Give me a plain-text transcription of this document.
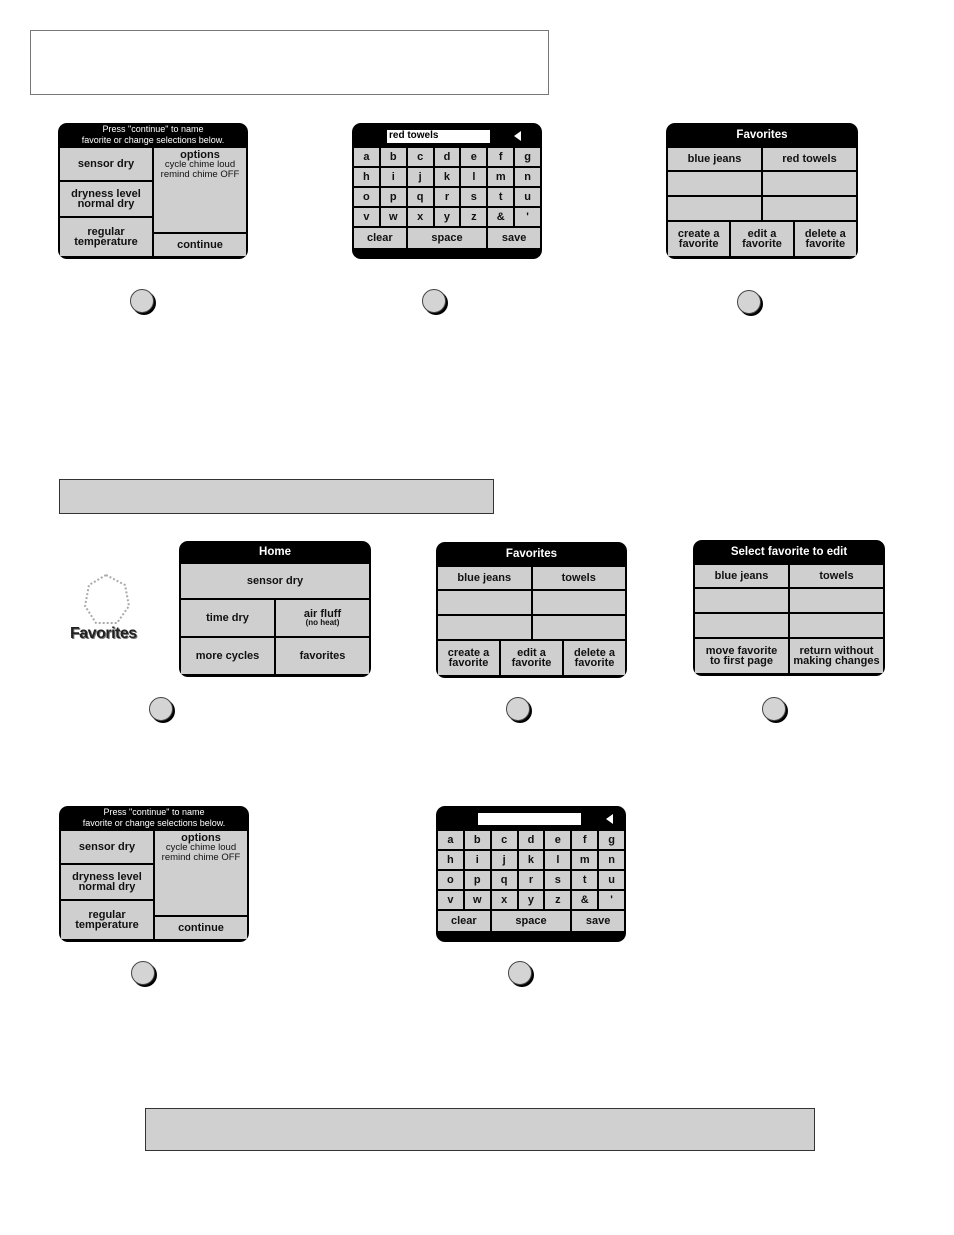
Press "continue" to name
favorite or change selections below.
sensor dry
options
cycle chime loud
remind chime OFF
dryness level
normal dry
regular
temperature	continue
red towels
a b c d e f g
h i j k l m n
o p q r s t u
v w x y z & '
clear	space	save
Favorites
blue jeans	red towels
create a
favorite
edit a
favorite
delete a
favorite
Favorites
Home
sensor dry
time dry	air fluff
(no heat)
more cycles	favorites
Favorites
blue jeans	towels
create a
favorite
edit a
favorite
delete a
favorite
Select favorite to edit
blue jeans	towels
move favorite
to first page
return without
making changes
Press "continue" to name
favorite or change selections below.
sensor dry
options
cycle chime loud
remind chime OFF
dryness level
normal dry
regular
temperature	continue
a b c d e f g
h i j k l m n
o p q r s t u
v w x y z & '
clear	space	save
